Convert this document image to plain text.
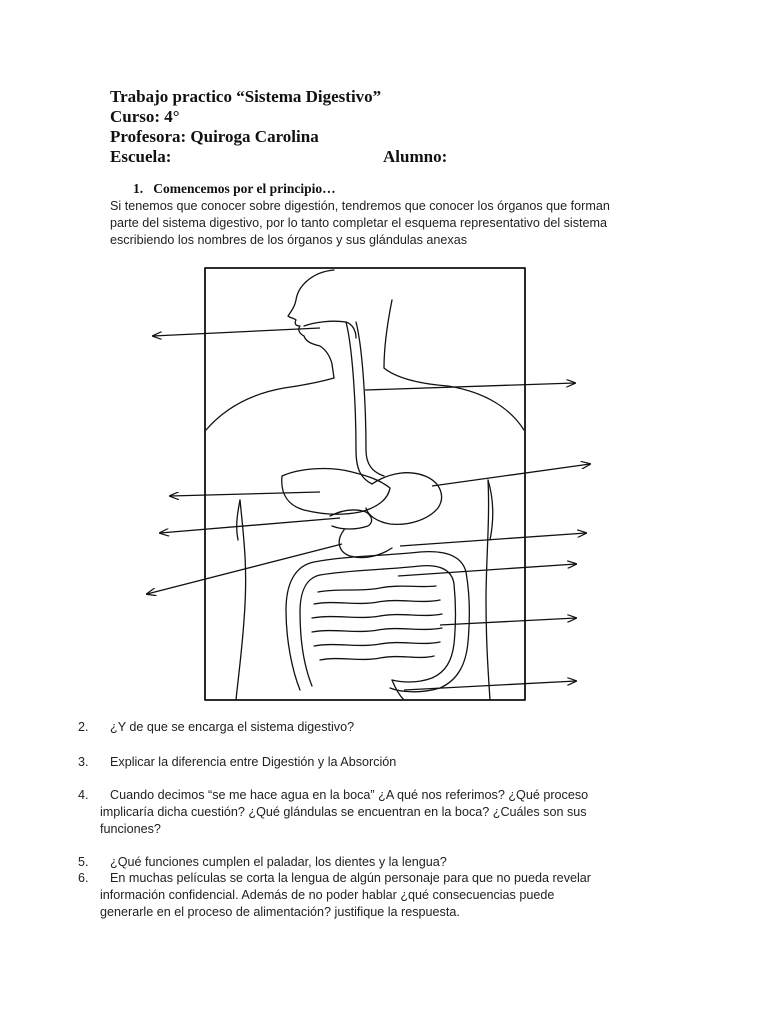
Trabajo practico “Sistema Digestivo”
Curso: 4°
Profesora: Quiroga Carolina
Escuela:	Alumno:
1. Comencemos por el principio…
Si tenemos que conocer sobre digestión, tendremos que conocer los órganos que forman
parte del sistema digestivo, por lo tanto completar el esquema representativo del sistema
escribiendo los nombres de los órganos y sus glándulas anexas
2. ¿Y de que se encarga el sistema digestivo?
3. Explicar la diferencia entre Digestión y la Absorción
4. Cuando decimos “se me hace agua en la boca” ¿A qué nos referimos? ¿Qué proceso
implicaría dicha cuestión? ¿Qué glándulas se encuentran en la boca? ¿Cuáles son sus
funciones?
5. ¿Qué funciones cumplen el paladar, los dientes y la lengua?
6. En muchas películas se corta la lengua de algún personaje para que no pueda revelar
información confidencial. Además de no poder hablar ¿qué consecuencias puede
generarle en el proceso de alimentación? justifique la respuesta.
